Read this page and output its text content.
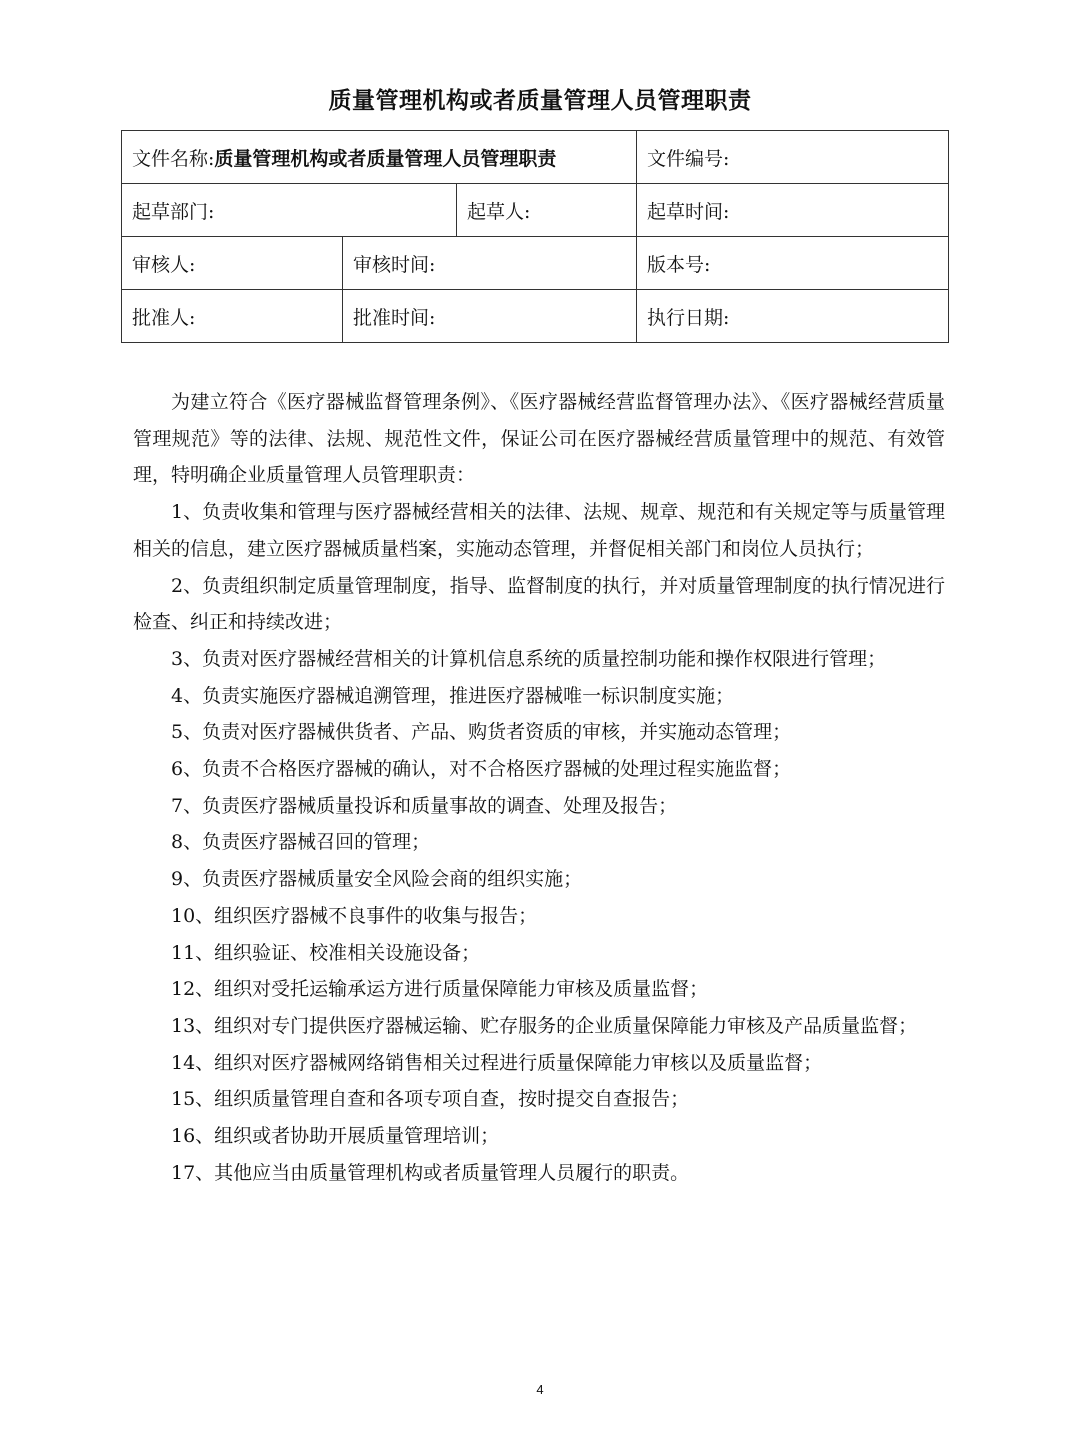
质量管理机构或者质量管理人员管理职责
文件名称:质量管理机构或者质量管理人员管理职责			文件编号:
起草部门:		起草人:	起草时间:
审核人:	审核时间:		版本号:
批准人:	批准时间:		执行日期:

为建立符合《医疗器械监督管理条例》、《医疗器械经营监督管理办法》、《医疗器械经营质量管理规范》等的法律、法规、规范性文件，保证公司在医疗器械经营质量管理中的规范、有效管理，特明确企业质量管理人员管理职责：

1、负责收集和管理与医疗器械经营相关的法律、法规、规章、规范和有关规定等与质量管理相关的信息，建立医疗器械质量档案，实施动态管理，并督促相关部门和岗位人员执行；

2、负责组织制定质量管理制度，指导、监督制度的执行，并对质量管理制度的执行情况进行检查、纠正和持续改进；

3、负责对医疗器械经营相关的计算机信息系统的质量控制功能和操作权限进行管理；

4、负责实施医疗器械追溯管理，推进医疗器械唯一标识制度实施；

5、负责对医疗器械供货者、产品、购货者资质的审核，并实施动态管理；

6、负责不合格医疗器械的确认，对不合格医疗器械的处理过程实施监督；

7、负责医疗器械质量投诉和质量事故的调查、处理及报告；

8、负责医疗器械召回的管理；

9、负责医疗器械质量安全风险会商的组织实施；

10、组织医疗器械不良事件的收集与报告；

11、组织验证、校准相关设施设备；

12、组织对受托运输承运方进行质量保障能力审核及质量监督；

13、组织对专门提供医疗器械运输、贮存服务的企业质量保障能力审核及产品质量监督；

14、组织对医疗器械网络销售相关过程进行质量保障能力审核以及质量监督；

15、组织质量管理自查和各项专项自查，按时提交自查报告；

16、组织或者协助开展质量管理培训；

17、其他应当由质量管理机构或者质量管理人员履行的职责。

4
